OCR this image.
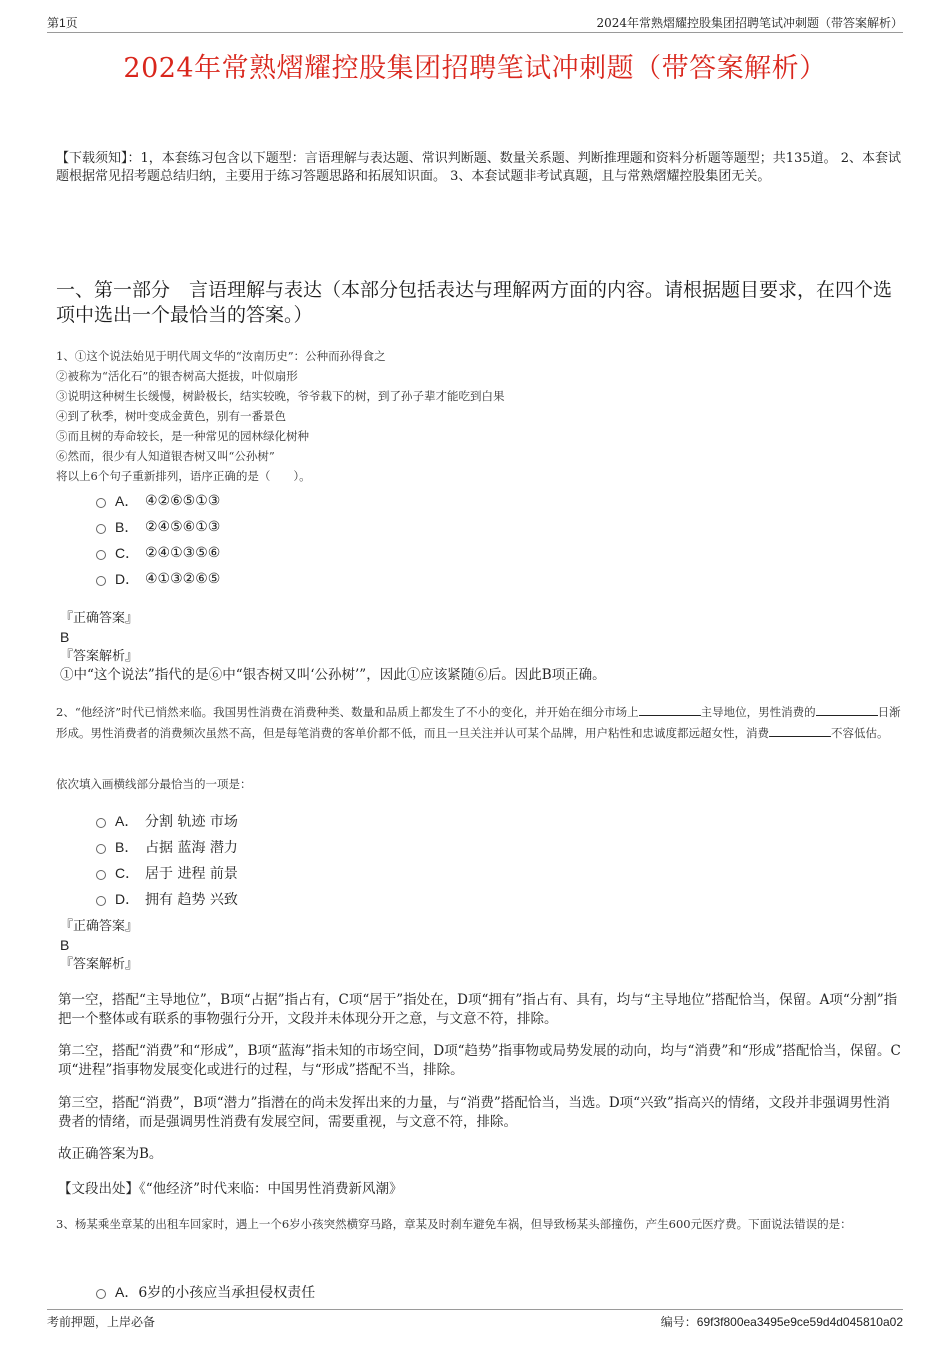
第1页	2024年常熟熠耀控股集团招聘笔试冲刺题（带答案解析）
2024年常熟熠耀控股集团招聘笔试冲刺题（带答案解析）
【下载须知】：1，本套练习包含以下题型：言语理解与表达题、常识判断题、数量关系题、判断推理题和资料分析题等题型；共135道。 2、本套试题根据常见招考题总结归纳，主要用于练习答题思路和拓展知识面。 3、本套试题非考试真题，且与常熟熠耀控股集团无关。
一、第一部分　言语理解与表达（本部分包括表达与理解两方面的内容。请根据题目要求，在四个选项中选出一个最恰当的答案。）
1、①这个说法始见于明代周文华的“汝南历史”：公种而孙得食之
②被称为“活化石”的银杏树高大挺拔，叶似扇形
③说明这种树生长缓慢，树龄极长，结实较晚，爷爷栽下的树，到了孙子辈才能吃到白果
④到了秋季，树叶变成金黄色，别有一番景色
⑤而且树的寿命较长，是一种常见的园林绿化树种
⑥然而，很少有人知道银杏树又叫“公孙树”
将以上6个句子重新排列，语序正确的是（　　）。
A． ④②⑥⑤①③
B． ②④⑤⑥①③
C． ②④①③⑤⑥
D． ④①③②⑥⑤
『正确答案』
B
『答案解析』
①中“这个说法”指代的是⑥中“银杏树又叫‘公孙树’”，因此①应该紧随⑥后。因此B项正确。
2、“他经济”时代已悄然来临。我国男性消费在消费种类、数量和品质上都发生了不小的变化，并开始在细分市场上	主导地位，男性消费的	日渐形成。男性消费者的消费频次虽然不高，但是每笔消费的客单价都不低，而且一旦关注并认可某个品牌，用户粘性和忠诚度都远超女性，消费	不容低估。
依次填入画横线部分最恰当的一项是：
A． 分割 轨迹 市场
B． 占据 蓝海 潜力
C． 居于 进程 前景
D． 拥有 趋势 兴致
『正确答案』
B
『答案解析』
第一空，搭配“主导地位”，B项“占据”指占有，C项“居于”指处在，D项“拥有”指占有、具有，均与“主导地位”搭配恰当，保留。A项“分割”指把一个整体或有联系的事物强行分开，文段并未体现分开之意，与文意不符，排除。
第二空，搭配“消费”和“形成”，B项“蓝海”指未知的市场空间，D项“趋势”指事物或局势发展的动向，均与“消费”和“形成”搭配恰当，保留。C项“进程”指事物发展变化或进行的过程，与“形成”搭配不当，排除。
第三空，搭配“消费”，B项“潜力”指潜在的尚未发挥出来的力量，与“消费”搭配恰当，当选。D项“兴致”指高兴的情绪，文段并非强调男性消费者的情绪，而是强调男性消费有发展空间，需要重视，与文意不符，排除。
故正确答案为B。
【文段出处】《“他经济”时代来临：中国男性消费新风潮》
3、杨某乘坐章某的出租车回家时，遇上一个6岁小孩突然横穿马路，章某及时刹车避免车祸，但导致杨某头部撞伤，产生600元医疗费。下面说法错误的是：
A． 6岁的小孩应当承担侵权责任
考前押题，上岸必备	编号：69f3f800ea3495e9ce59d4d045810a02
